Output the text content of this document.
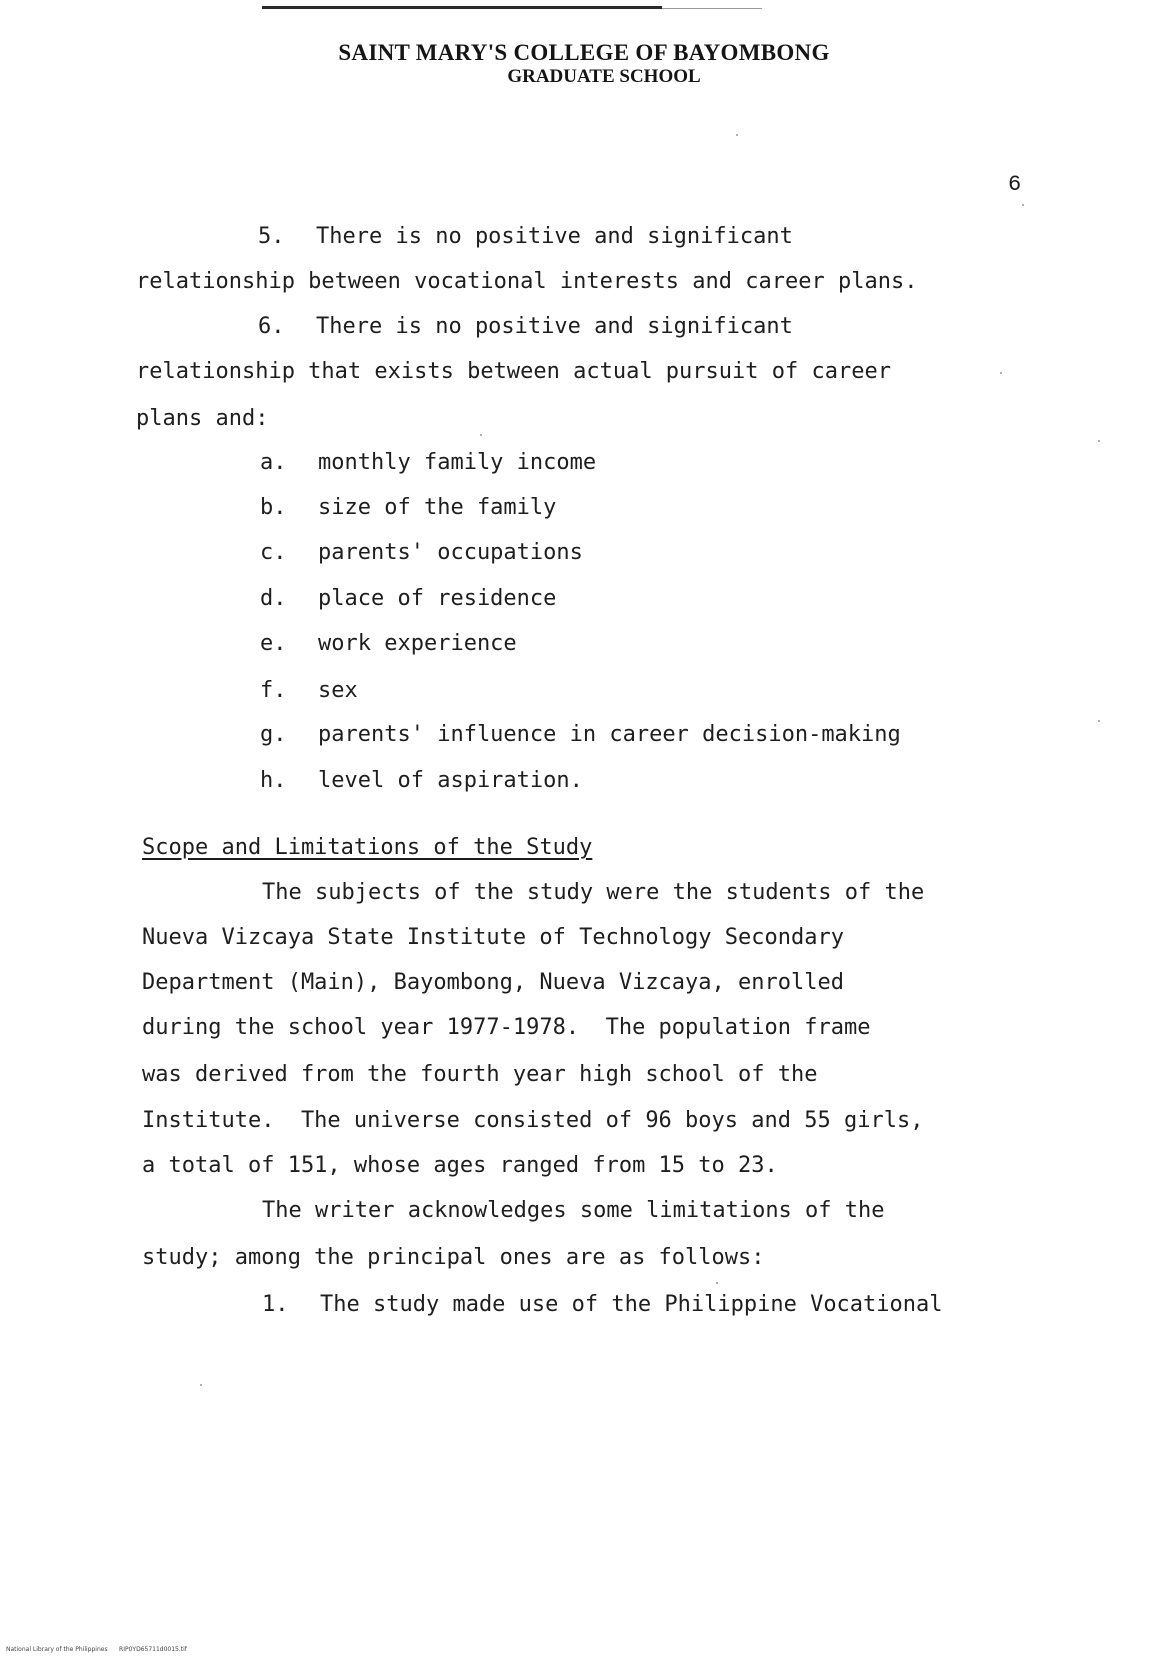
SAINT MARY'S COLLEGE OF BAYOMBONG
GRADUATE SCHOOL
6
5. There is no positive and significant
relationship between vocational interests and career plans.
6. There is no positive and significant
relationship that exists between actual pursuit of career
plans and:
a. monthly family income
b. size of the family
c. parents' occupations
d. place of residence
e. work experience
f. sex
g. parents' influence in career decision-making
h. level of aspiration.
Scope and Limitations of the Study
The subjects of the study were the students of the
Nueva Vizcaya State Institute of Technology Secondary
Department (Main), Bayombong, Nueva Vizcaya, enrolled
during the school year 1977-1978.  The population frame
was derived from the fourth year high school of the
Institute.  The universe consisted of 96 boys and 55 girls,
a total of 151, whose ages ranged from 15 to 23.
The writer acknowledges some limitations of the
study; among the principal ones are as follows:
1. The study made use of the Philippine Vocational
National Library of the Philippines RIP0YD65711d0015.tif
